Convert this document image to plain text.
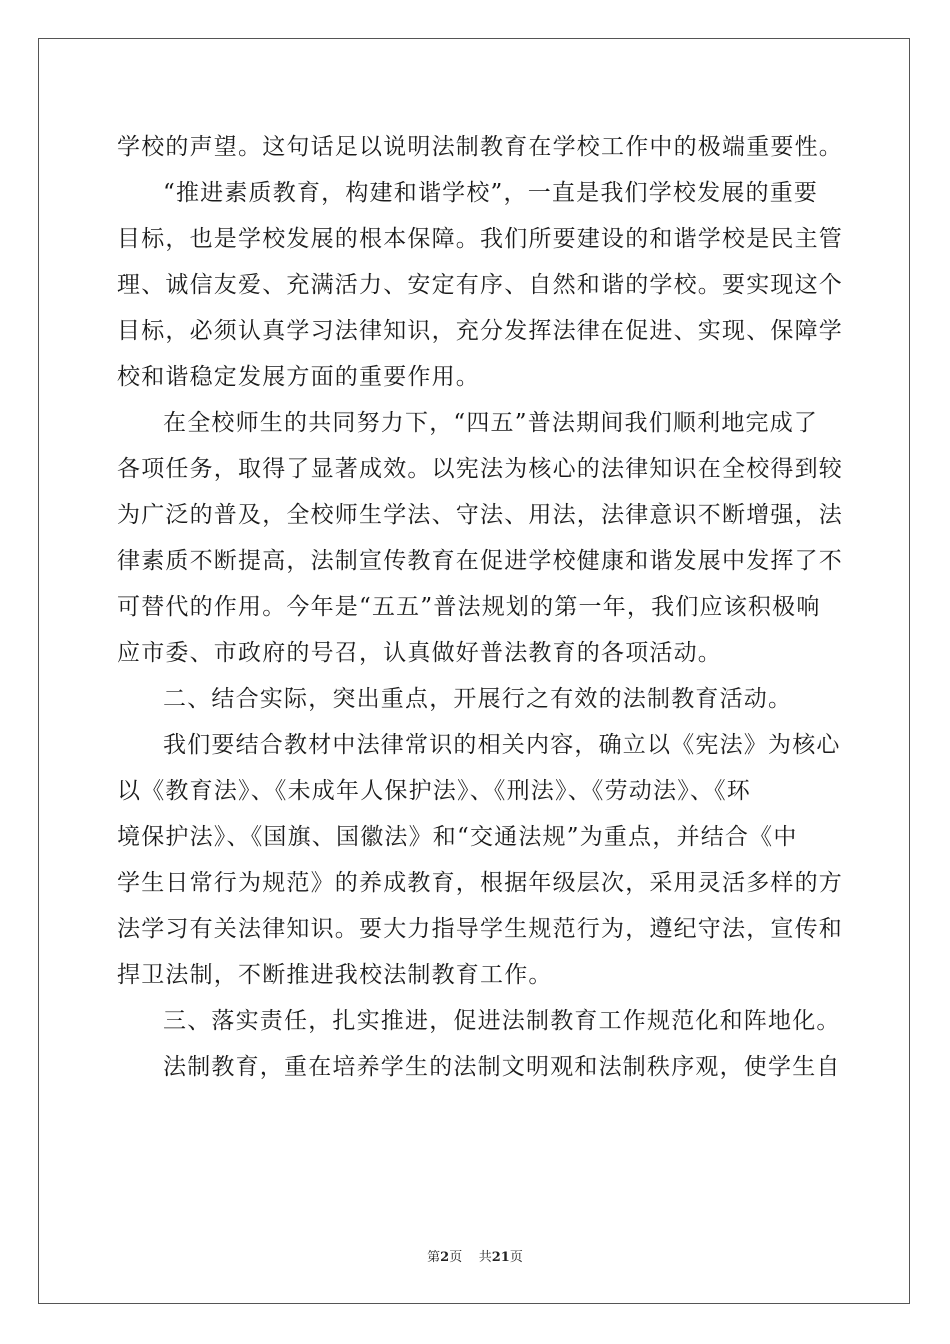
学校的声望。这句话足以说明法制教育在学校工作中的极端重要性。
“推进素质教育，构建和谐学校”，一直是我们学校发展的重要
目标，也是学校发展的根本保障。我们所要建设的和谐学校是民主管
理、诚信友爱、充满活力、安定有序、自然和谐的学校。要实现这个
目标，必须认真学习法律知识，充分发挥法律在促进、实现、保障学
校和谐稳定发展方面的重要作用。
在全校师生的共同努力下，“四五”普法期间我们顺利地完成了
各项任务，取得了显著成效。以宪法为核心的法律知识在全校得到较
为广泛的普及，全校师生学法、守法、用法，法律意识不断增强，法
律素质不断提高，法制宣传教育在促进学校健康和谐发展中发挥了不
可替代的作用。今年是“五五”普法规划的第一年，我们应该积极响
应市委、市政府的号召，认真做好普法教育的各项活动。
二、结合实际，突出重点，开展行之有效的法制教育活动。
我们要结合教材中法律常识的相关内容，确立以《宪法》为核心
以《教育法》、《未成年人保护法》、《刑法》、《劳动法》、《环
境保护法》、《国旗、国徽法》和“交通法规”为重点，并结合《中
学生日常行为规范》的养成教育，根据年级层次，采用灵活多样的方
法学习有关法律知识。要大力指导学生规范行为，遵纪守法，宣传和
捍卫法制，不断推进我校法制教育工作。
三、落实责任，扎实推进，促进法制教育工作规范化和阵地化。
法制教育，重在培养学生的法制文明观和法制秩序观，使学生自
第2页 共21页
